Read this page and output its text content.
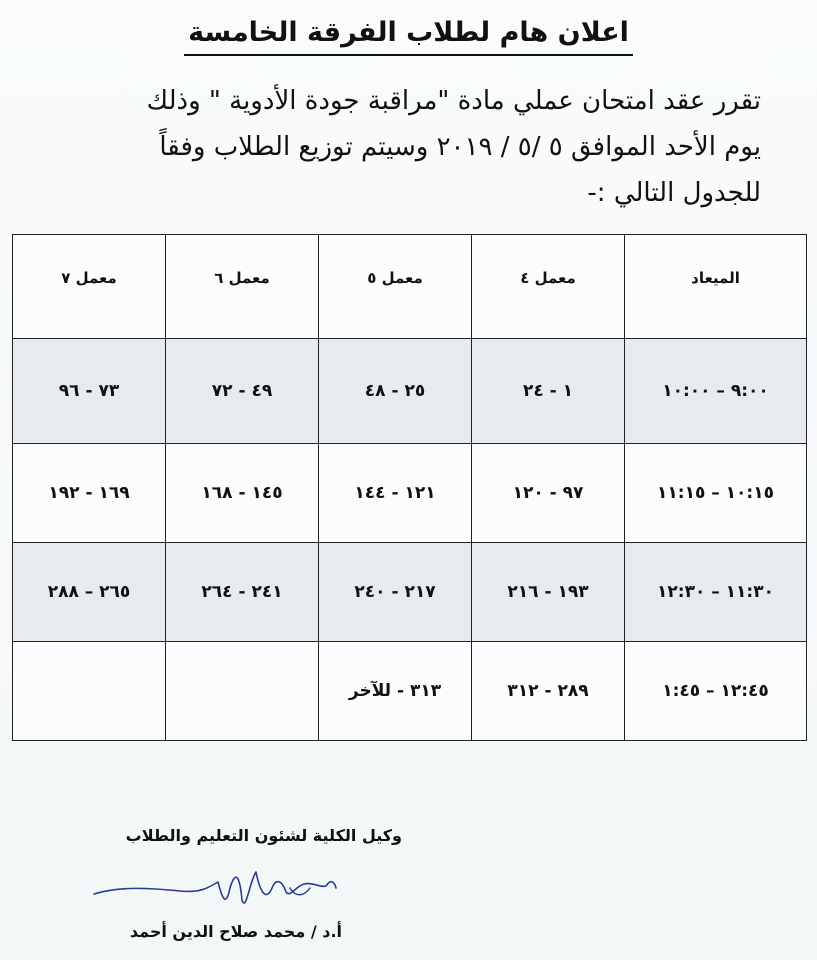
اعلان هام لطلاب الفرقة الخامسة
تقرر عقد امتحان عملي مادة "مراقبة جودة الأدوية " وذلك
يوم الأحد الموافق ٥ /٥ / ٢٠١٩ وسيتم توزيع الطلاب وفقاً
للجدول التالي :-
الميعاد	معمل ٤	معمل ٥	معمل ٦	معمل ٧
٩:٠٠ – ١٠:٠٠	١ - ٢٤	٢٥ - ٤٨	٤٩ - ٧٢	٧٣ - ٩٦
١٠:١٥ – ١١:١٥	٩٧ - ١٢٠	١٢١ - ١٤٤	١٤٥ - ١٦٨	١٦٩ - ١٩٢
١١:٣٠ – ١٢:٣٠	١٩٣ - ٢١٦	٢١٧ - ٢٤٠	٢٤١ - ٢٦٤	٢٦٥ – ٢٨٨
١٢:٤٥ – ١:٤٥	٢٨٩ - ٣١٢	٣١٣ - للآخر		
وكيل الكلية لشئون التعليم والطلاب
أ.د / محمد صلاح الدين أحمد
